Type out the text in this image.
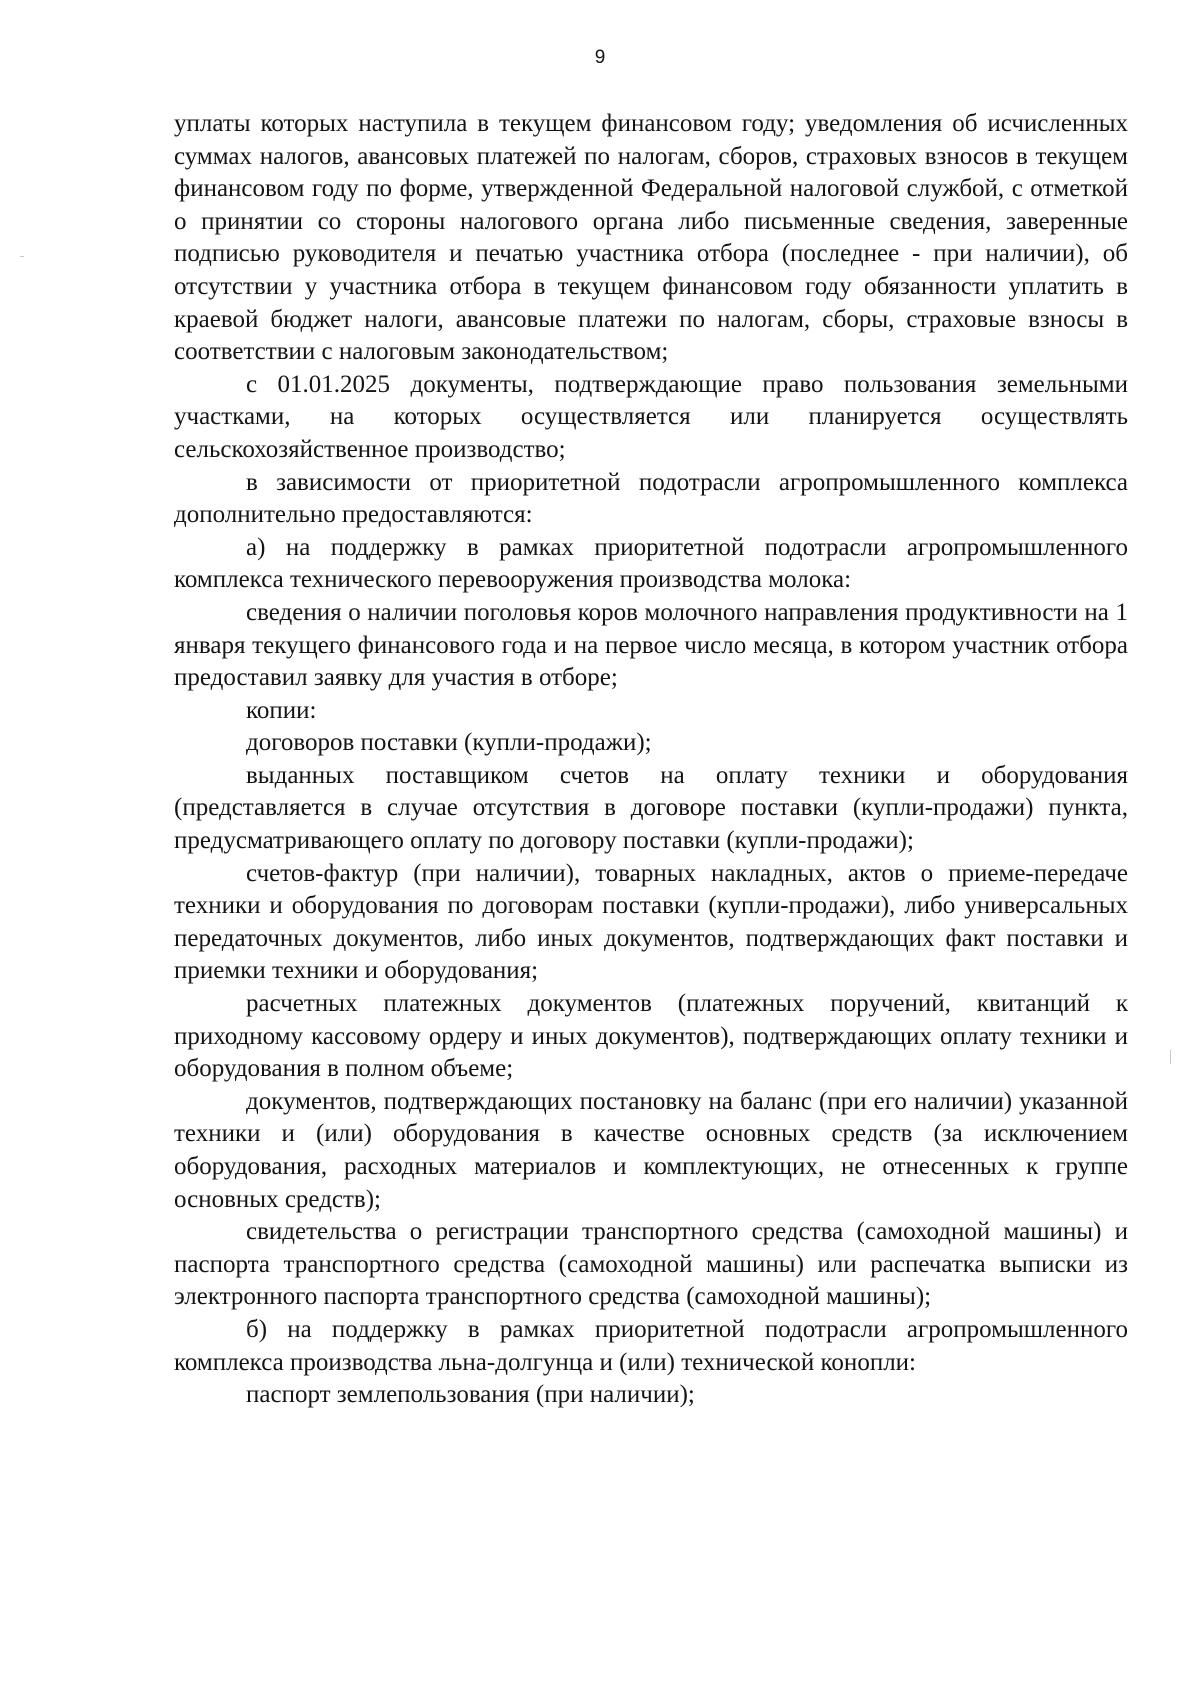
9

уплаты которых наступила в текущем финансовом году; уведомления об исчисленных суммах налогов, авансовых платежей по налогам, сборов, страховых взносов в текущем финансовом году по форме, утвержденной Федеральной налоговой службой, с отметкой о принятии со стороны налогового органа либо письменные сведения, заверенные подписью руководителя и печатью участника отбора (последнее - при наличии), об отсутствии у участника отбора в текущем финансовом году обязанности уплатить в краевой бюджет налоги, авансовые платежи по налогам, сборы, страховые взносы в соответствии с налоговым законодательством;

с 01.01.2025 документы, подтверждающие право пользования земельными участками, на которых осуществляется или планируется осуществлять сельскохозяйственное производство;

в зависимости от приоритетной подотрасли агропромышленного комплекса дополнительно предоставляются:

а) на поддержку в рамках приоритетной подотрасли агропромышленного комплекса технического перевооружения производства молока:

сведения о наличии поголовья коров молочного направления продуктивности на 1 января текущего финансового года и на первое число месяца, в котором участник отбора предоставил заявку для участия в отборе;

копии:

договоров поставки (купли-продажи);

выданных поставщиком счетов на оплату техники и оборудования (представляется в случае отсутствия в договоре поставки (купли-продажи) пункта, предусматривающего оплату по договору поставки (купли-продажи);

счетов-фактур (при наличии), товарных накладных, актов о приеме-передаче техники и оборудования по договорам поставки (купли-продажи), либо универсальных передаточных документов, либо иных документов, подтверждающих факт поставки и приемки техники и оборудования;

расчетных платежных документов (платежных поручений, квитанций к приходному кассовому ордеру и иных документов), подтверждающих оплату техники и оборудования в полном объеме;

документов, подтверждающих постановку на баланс (при его наличии) указанной техники и (или) оборудования в качестве основных средств (за исключением оборудования, расходных материалов и комплектующих, не отнесенных к группе основных средств);

свидетельства о регистрации транспортного средства (самоходной машины) и паспорта транспортного средства (самоходной машины) или распечатка выписки из электронного паспорта транспортного средства (самоходной машины);

б) на поддержку в рамках приоритетной подотрасли агропромышленного комплекса производства льна-долгунца и (или) технической конопли:

паспорт землепользования (при наличии);
